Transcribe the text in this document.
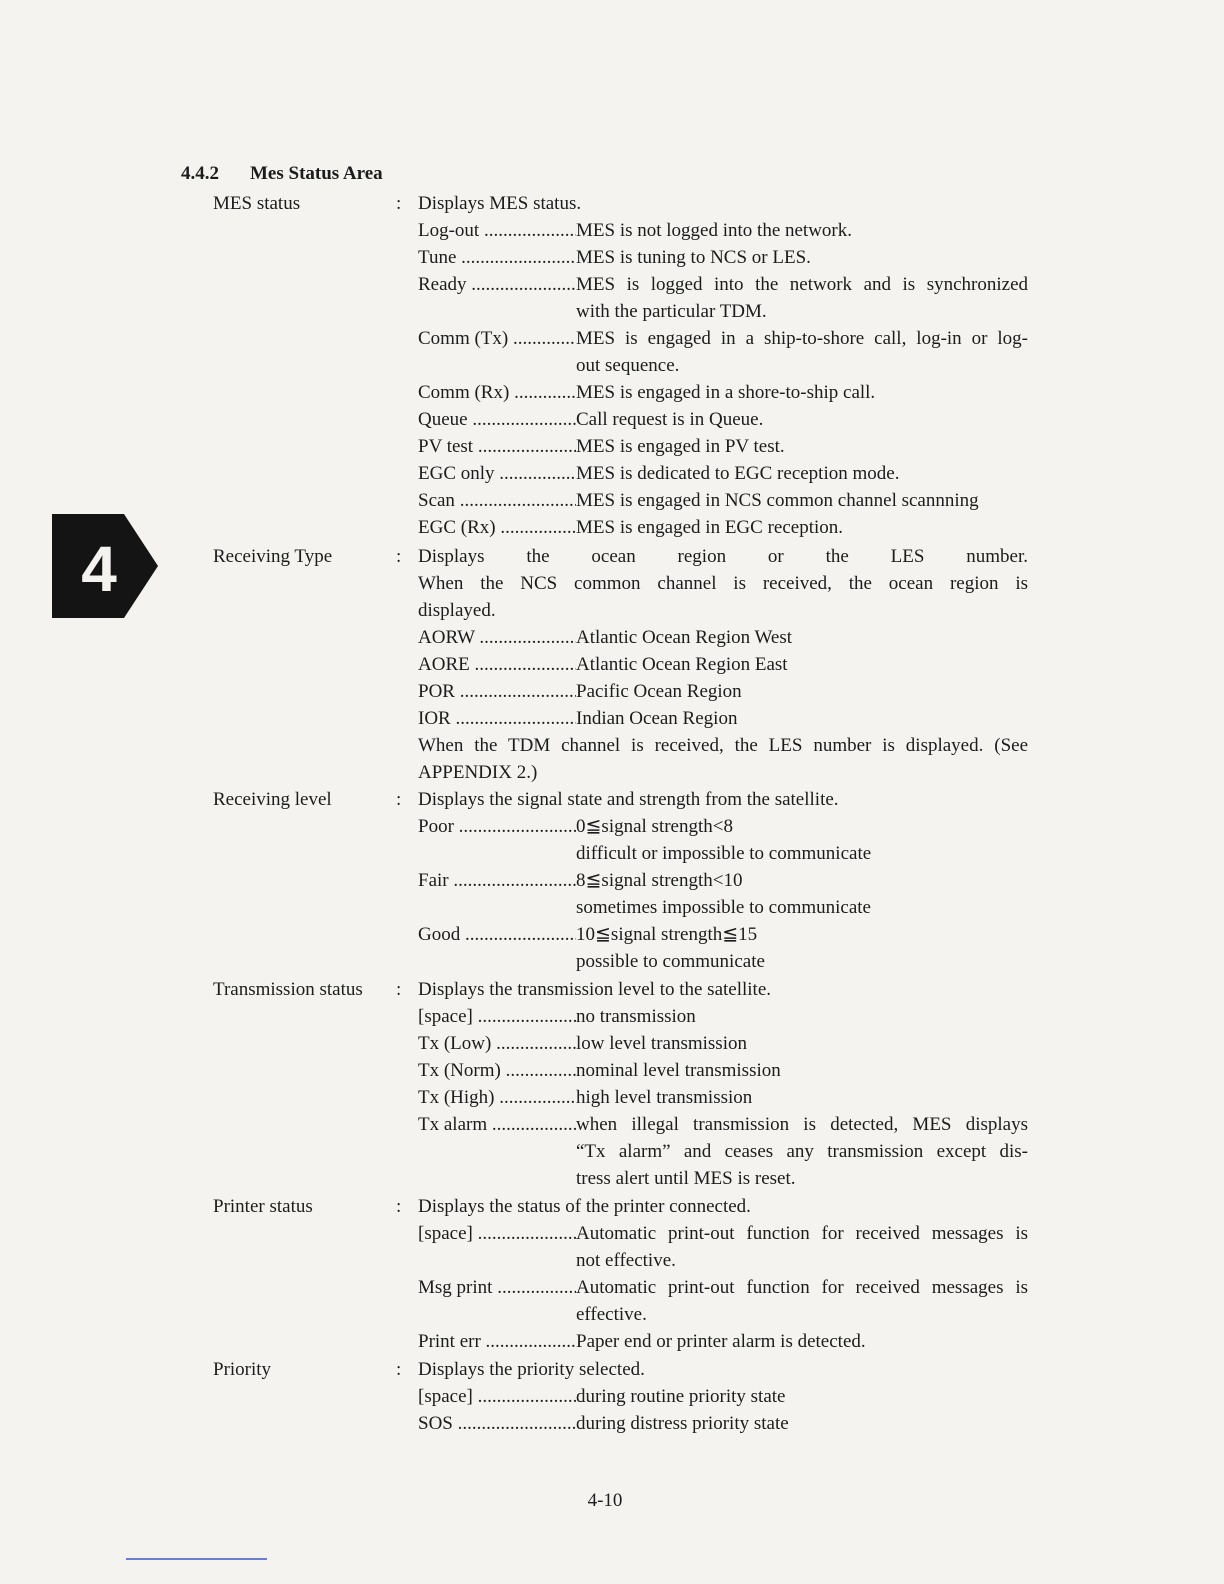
4.4.2 Mes Status Area
4
MES status	: Displays MES status.
Log-out .....	MES is not logged into the network.
Tune .....	MES is tuning to NCS or LES.
Ready .....	MES is logged into the network and is synchronized
with the particular TDM.
Comm (Tx) .....	MES is engaged in a ship-to-shore call, log-in or log-
out sequence.
Comm (Rx) .....	MES is engaged in a shore-to-ship call.
Queue .....	Call request is in Queue.
PV test .....	MES is engaged in PV test.
EGC only .....	MES is dedicated to EGC reception mode.
Scan .....	MES is engaged in NCS common channel scannning
EGC (Rx) .....	MES is engaged in EGC reception.
Receiving Type	: Displays the ocean region or the LES number.
When the NCS common channel is received, the ocean region is
displayed.
AORW .....	Atlantic Ocean Region West
AORE .....	Atlantic Ocean Region East
POR .....	Pacific Ocean Region
IOR .....	Indian Ocean Region
When the TDM channel is received, the LES number is displayed. (See
APPENDIX 2.)
Receiving level	: Displays the signal state and strength from the satellite.
Poor .....	0≦signal strength<8
difficult or impossible to communicate
Fair .....	8≦signal strength<10
sometimes impossible to communicate
Good .....	10≦signal strength≦15
possible to communicate
Transmission status : Displays the transmission level to the satellite.
[space] .....	no transmission
Tx (Low) .....	low level transmission
Tx (Norm) .....	nominal level transmission
Tx (High) .....	high level transmission
Tx alarm .....	when illegal transmission is detected, MES displays
“Tx alarm” and ceases any transmission except dis-
tress alert until MES is reset.
Printer status	: Displays the status of the printer connected.
[space] .....	Automatic print-out function for received messages is
not effective.
Msg print .....	Automatic print-out function for received messages is
effective.
Print err .....	Paper end or printer alarm is detected.
Priority	: Displays the priority selected.
[space] .....	during routine priority state
SOS .....	during distress priority state
4-10
